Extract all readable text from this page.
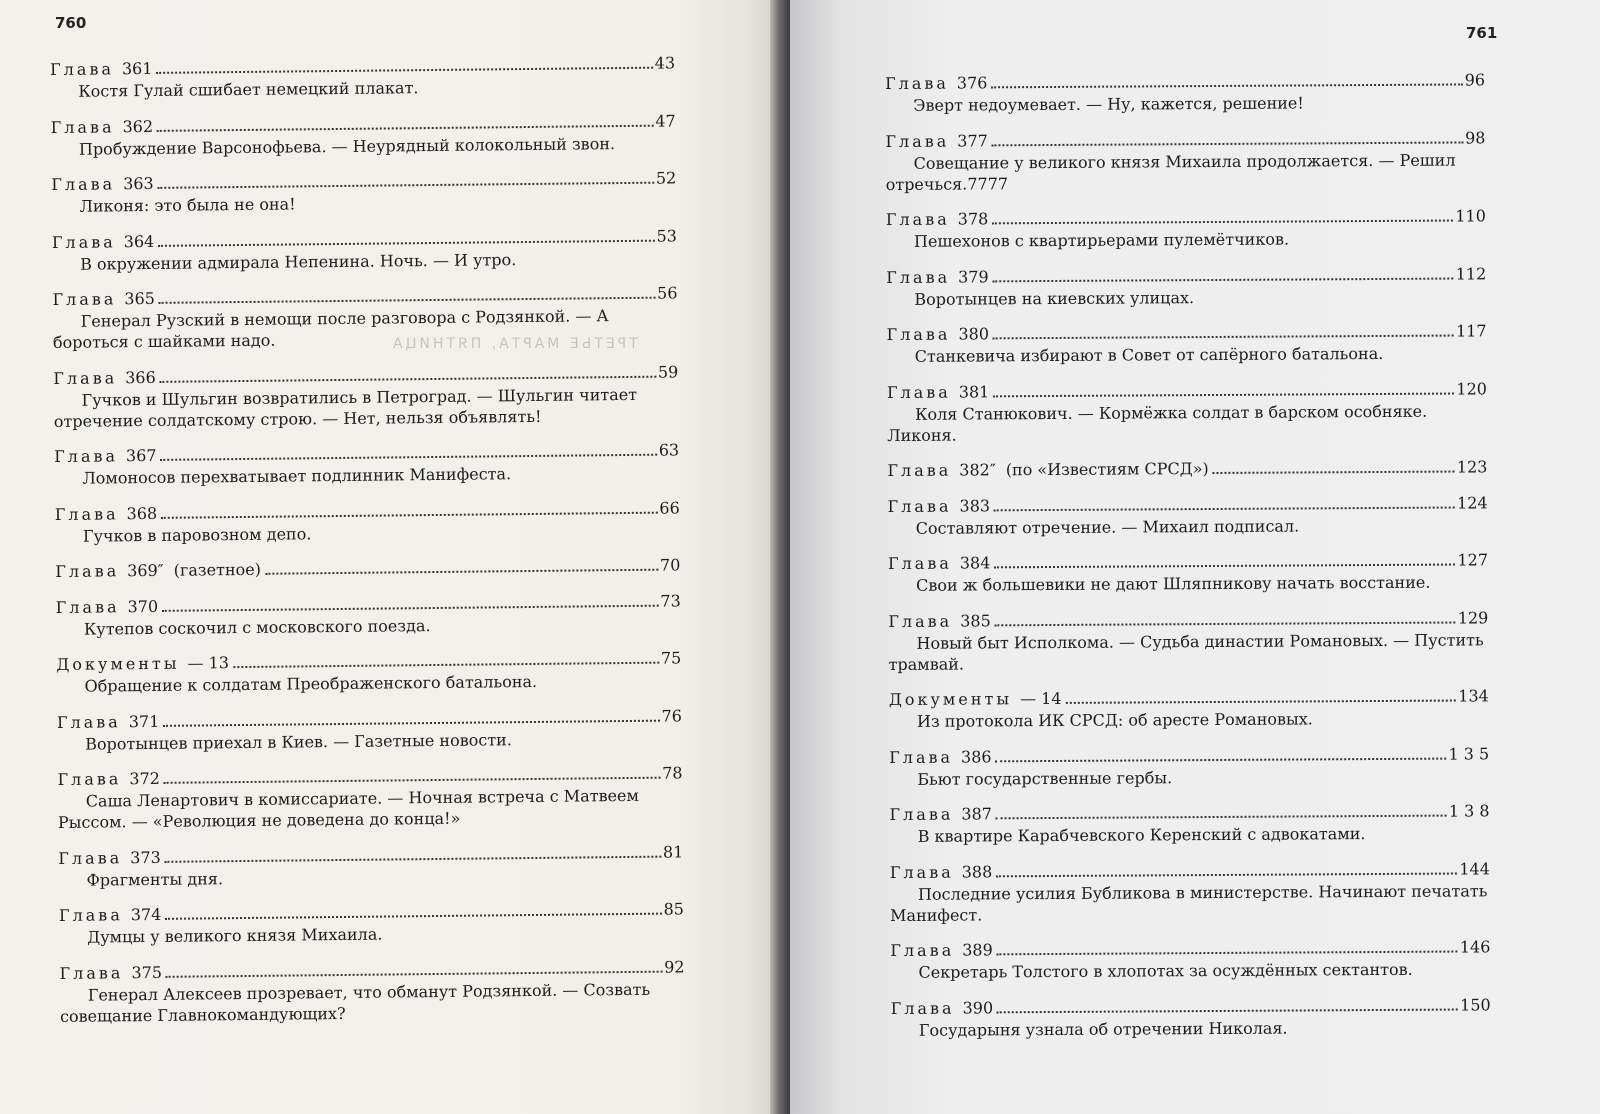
760
ТРЕТЬЕ МАРТА, ПЯТНИЦА
Глава 361	43
Костя Гулай сшибает немецкий плакат.
Глава 362	47
Пробуждение Варсонофьева. — Неурядный колокольный звон.
Глава 363	52
Ликоня: это была не она!
Глава 364	53
В окружении адмирала Непенина. Ночь. — И утро.
Глава 365	56
Генерал Рузский в немощи после разговора с Родзянкой. — А бороться с шайками надо.
Глава 366	59
Гучков и Шульгин возвратились в Петроград. — Шульгин читает отречение солдатскому строю. — Нет, нельзя объявлять!
Глава 367	63
Ломоносов перехватывает подлинник Манифеста.
Глава 368	66
Гучков в паровозном депо.
Глава 369″ (газетное)	70
Глава 370	73
Кутепов соскочил с московского поезда.
Документы — 13	75
Обращение к солдатам Преображенского батальона.
Глава 371	76
Воротынцев приехал в Киев. — Газетные новости.
Глава 372	78
Саша Ленартович в комиссариате. — Ночная встреча с Матвеем Рыссом. — «Революция не доведена до конца!»
Глава 373	81
Фрагменты дня.
Глава 374	85
Думцы у великого князя Михаила.
Глава 375	92
Генерал Алексеев прозревает, что обманут Родзянкой. — Созвать совещание Главнокомандующих?
761
Глава 376	96
Эверт недоумевает. — Ну, кажется, решение!
Глава 377	98
Совещание у великого князя Михаила продолжается. — Решил отречься.7777
Глава 378	110
Пешехонов с квартирьерами пулемётчиков.
Глава 379	112
Воротынцев на киевских улицах.
Глава 380	117
Станкевича избирают в Совет от сапёрного батальона.
Глава 381	120
Коля Станюкович. — Кормёжка солдат в барском особняке. Ликоня.
Глава 382″ (по «Известиям СРСД»)	123
Глава 383	124
Составляют отречение. — Михаил подписал.
Глава 384	127
Свои ж большевики не дают Шляпникову начать восстание.
Глава 385	129
Новый быт Исполкома. — Судьба династии Романовых. — Пустить трамвай.
Документы — 14	134
Из протокола ИК СРСД: об аресте Романовых.
Глава 386	1 3 5
Бьют государственные гербы.
Глава 387	1 3 8
В квартире Карабчевского Керенский с адвокатами.
Глава 388	144
Последние усилия Бубликова в министерстве. Начинают печатать Манифест.
Глава 389	146
Секретарь Толстого в хлопотах за осуждённых сектантов.
Глава 390	150
Государыня узнала об отречении Николая.
